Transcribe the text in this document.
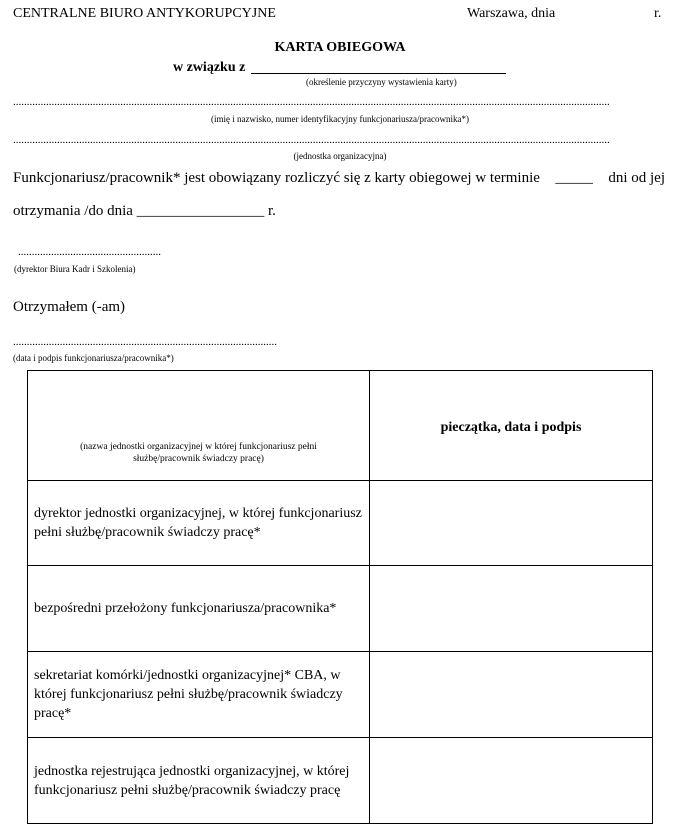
CENTRALNE BIURO ANTYKORUPCYJNE	Warszawa, dnia	r.
KARTA OBIEGOWA
w związku z
(określenie przyczyny wystawienia karty)
.........................................................................................................................................................................................................................
(imię i nazwisko, numer identyfikacyjny funkcjonariusza/pracownika*)
.........................................................................................................................................................................................................................
(jednostka organizacyjna)
Funkcjonariusz/pracownik* jest obowiązany rozliczyć się z karty obiegowej w terminie _____ dni od jej
otrzymania /do dnia _________________ r.
....................................................
(dyrektor Biura Kadr i Szkolenia)
Otrzymałem (-am)
................................................................................................
(data i podpis funkcjonariusza/pracownika*)
(nazwa jednostki organizacyjnej w której funkcjonariusz pełni służbę/pracownik świadczy pracę)	pieczątka, data i podpis
dyrektor jednostki organizacyjnej, w której funkcjonariusz pełni służbę/pracownik świadczy pracę*	
bezpośredni przełożony funkcjonariusza/pracownika*	
sekretariat komórki/jednostki organizacyjnej* CBA, w której funkcjonariusz pełni służbę/pracownik świadczy pracę*	
jednostka rejestrująca jednostki organizacyjnej, w której funkcjonariusz pełni służbę/pracownik świadczy pracę	
